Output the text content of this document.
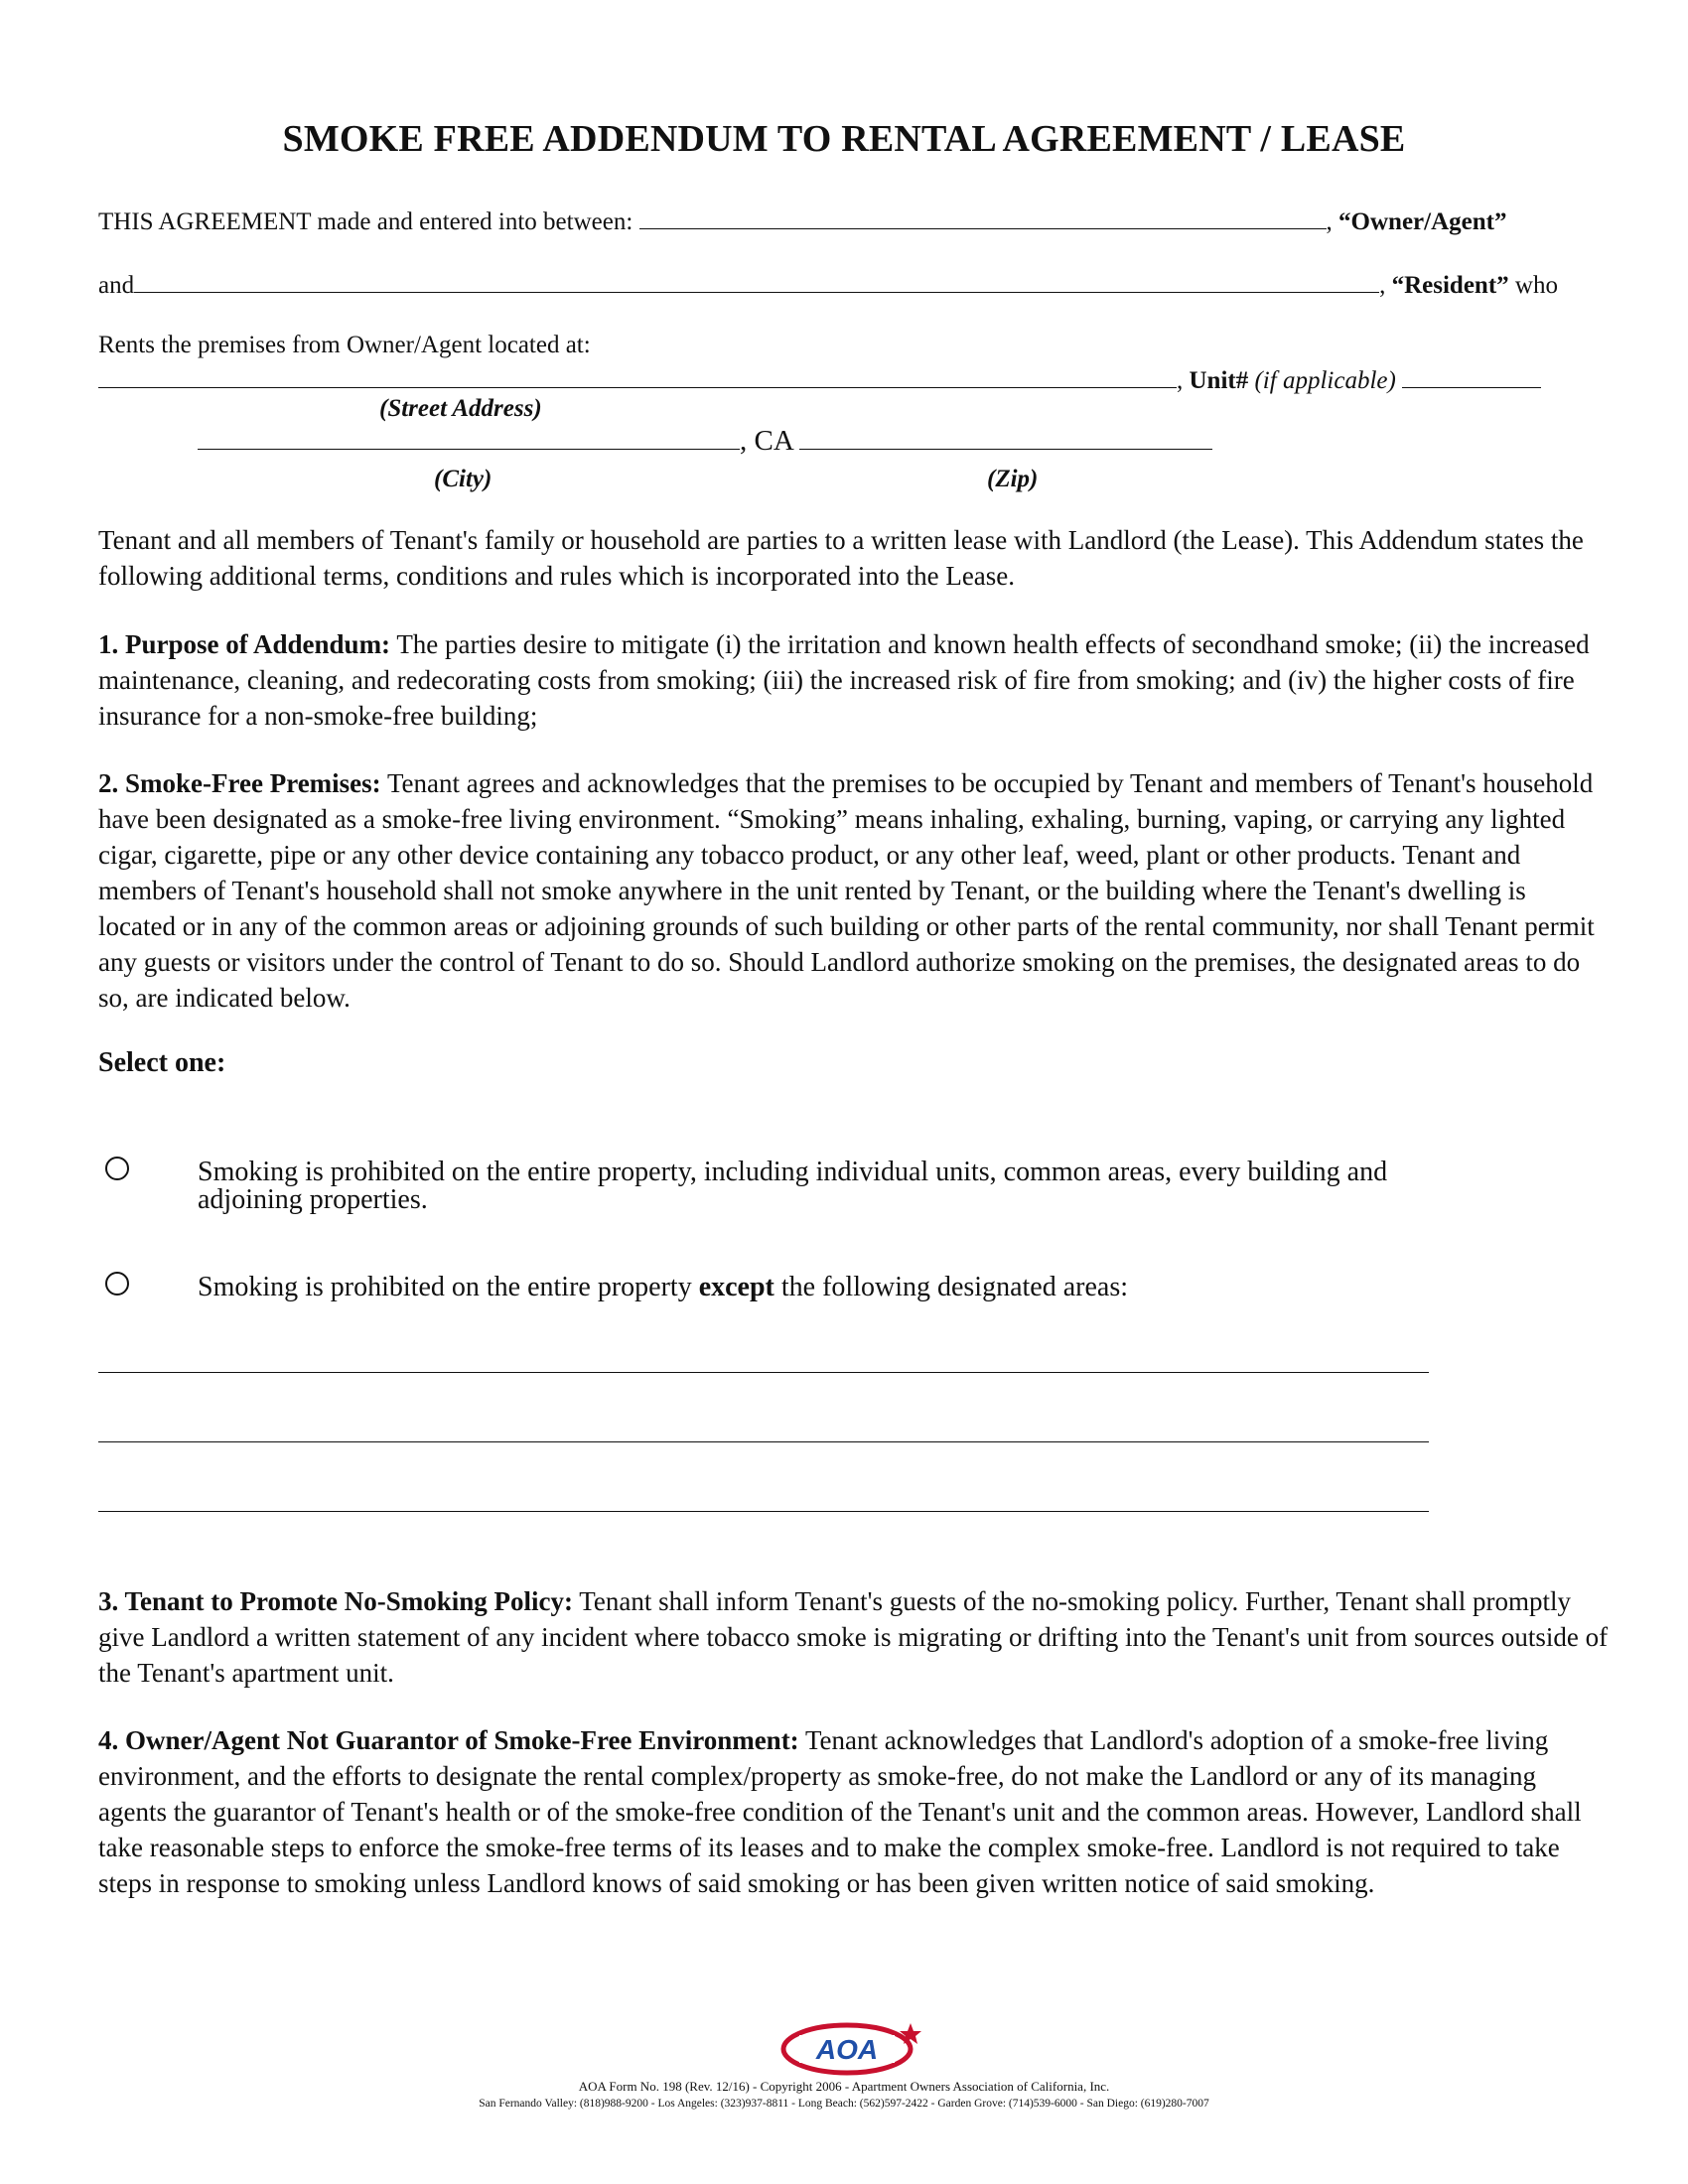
SMOKE FREE ADDENDUM TO RENTAL AGREEMENT / LEASE
THIS AGREEMENT made and entered into between:	, “Owner/Agent”
and	, “Resident” who
Rents the premises from Owner/Agent located at:
, Unit# (if applicable)
(Street Address)
, CA
(City)	(Zip)
Tenant and all members of Tenant's family or household are parties to a written lease with Landlord (the Lease). This Addendum states the following additional terms, conditions and rules which is incorporated into the Lease.
1. Purpose of Addendum: The parties desire to mitigate (i) the irritation and known health effects of secondhand smoke; (ii) the increased maintenance, cleaning, and redecorating costs from smoking; (iii) the increased risk of fire from smoking; and (iv) the higher costs of fire insurance for a non-smoke-free building;
2. Smoke-Free Premises: Tenant agrees and acknowledges that the premises to be occupied by Tenant and members of Tenant's household have been designated as a smoke-free living environment. “Smoking” means inhaling, exhaling, burning, vaping, or carrying any lighted cigar, cigarette, pipe or any other device containing any tobacco product, or any other leaf, weed, plant or other products. Tenant and members of Tenant's household shall not smoke anywhere in the unit rented by Tenant, or the building where the Tenant's dwelling is located or in any of the common areas or adjoining grounds of such building or other parts of the rental community, nor shall Tenant permit any guests or visitors under the control of Tenant to do so. Should Landlord authorize smoking on the premises, the designated areas to do so, are indicated below.
Select one:
Smoking is prohibited on the entire property, including individual units, common areas, every building and adjoining properties.
Smoking is prohibited on the entire property except the following designated areas:
3. Tenant to Promote No-Smoking Policy: Tenant shall inform Tenant's guests of the no-smoking policy. Further, Tenant shall promptly give Landlord a written statement of any incident where tobacco smoke is migrating or drifting into the Tenant's unit from sources outside of the Tenant's apartment unit.
4. Owner/Agent Not Guarantor of Smoke-Free Environment: Tenant acknowledges that Landlord's adoption of a smoke-free living environment, and the efforts to designate the rental complex/property as smoke-free, do not make the Landlord or any of its managing agents the guarantor of Tenant's health or of the smoke-free condition of the Tenant's unit and the common areas. However, Landlord shall take reasonable steps to enforce the smoke-free terms of its leases and to make the complex smoke-free. Landlord is not required to take steps in response to smoking unless Landlord knows of said smoking or has been given written notice of said smoking.
AOA
AOA Form No. 198 (Rev. 12/16) - Copyright 2006 - Apartment Owners Association of California, Inc.
San Fernando Valley: (818)988-9200 - Los Angeles: (323)937-8811 - Long Beach: (562)597-2422 - Garden Grove: (714)539-6000 - San Diego: (619)280-7007
